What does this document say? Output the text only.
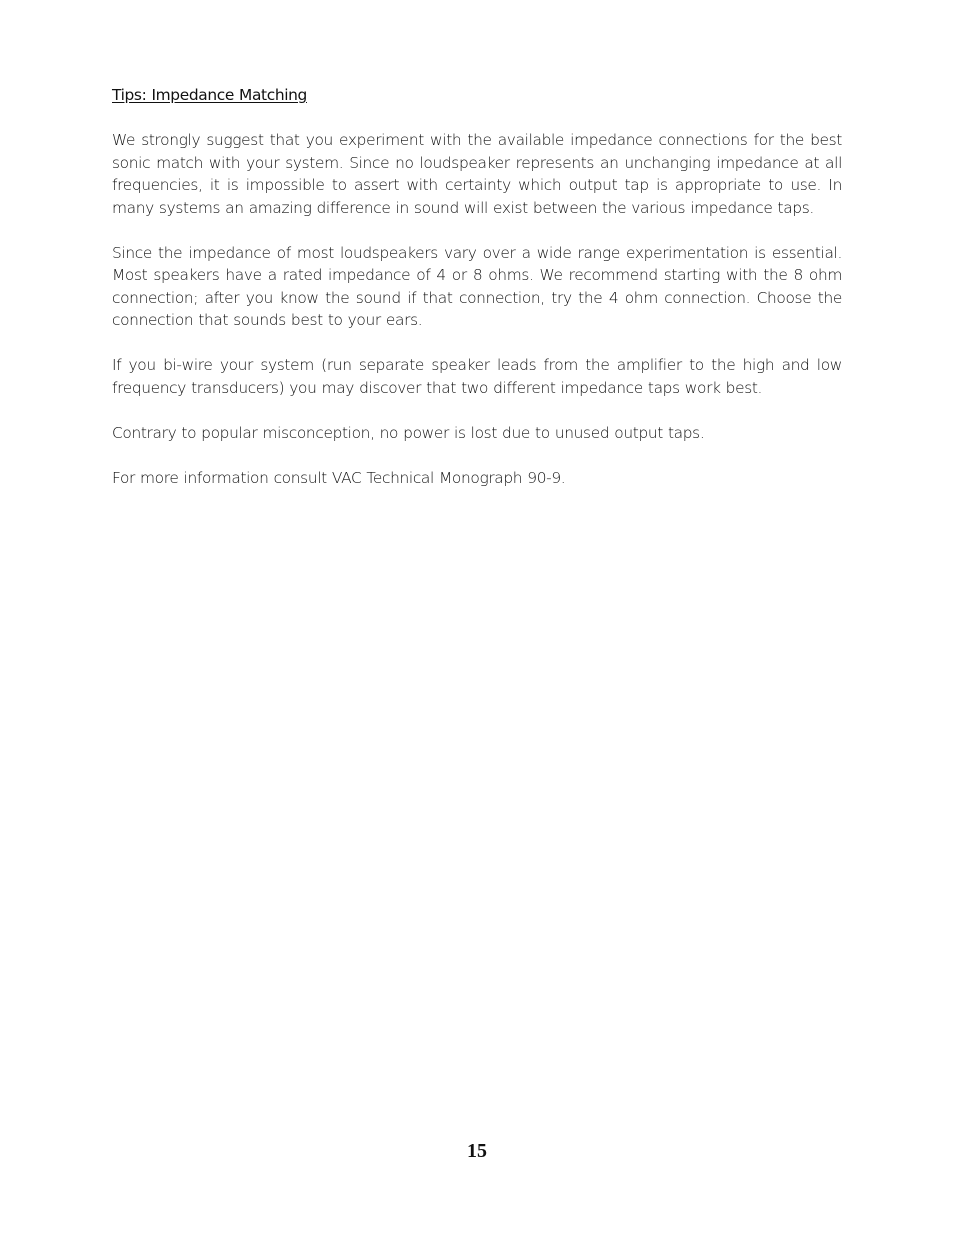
Tips: Impedance Matching

We strongly suggest that you experiment with the available impedance connections for the best sonic match with your system. Since no loudspeaker represents an unchanging impedance at all frequencies, it is impossible to assert with certainty which output tap is appropriate to use. In many systems an amazing difference in sound will exist between the various impedance taps.

Since the impedance of most loudspeakers vary over a wide range experimentation is essential. Most speakers have a rated impedance of 4 or 8 ohms. We recommend starting with the 8 ohm connection; after you know the sound if that connection, try the 4 ohm connection. Choose the connection that sounds best to your ears.

If you bi-wire your system (run separate speaker leads from the amplifier to the high and low frequency transducers) you may discover that two different impedance taps work best.

Contrary to popular misconception, no power is lost due to unused output taps.

For more information consult VAC Technical Monograph 90-9.

15
